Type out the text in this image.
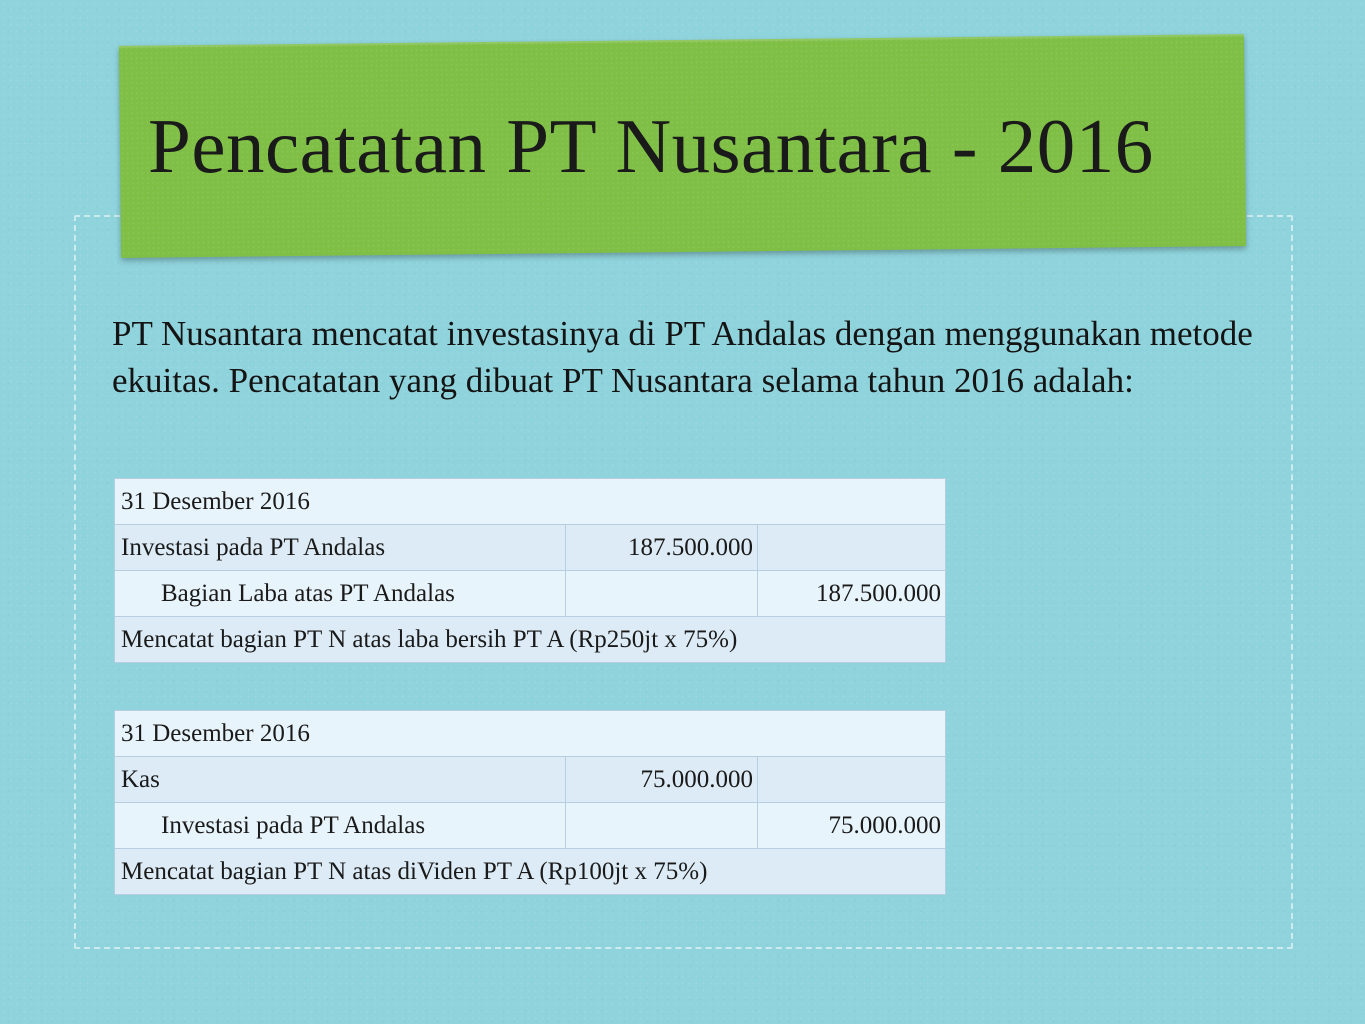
Pencatatan PT Nusantara - 2016

PT Nusantara mencatat investasinya di PT Andalas dengan menggunakan metode ekuitas. Pencatatan yang dibuat PT Nusantara selama tahun 2016 adalah:

31 Desember 2016		
Investasi pada PT Andalas	187.500.000	
Bagian Laba atas PT Andalas		187.500.000
Mencatat bagian PT N atas laba bersih PT A (Rp250jt x 75%)		
31 Desember 2016		
Kas	75.000.000	
Investasi pada PT Andalas		75.000.000
Mencatat bagian PT N atas diViden PT A (Rp100jt x 75%)		
